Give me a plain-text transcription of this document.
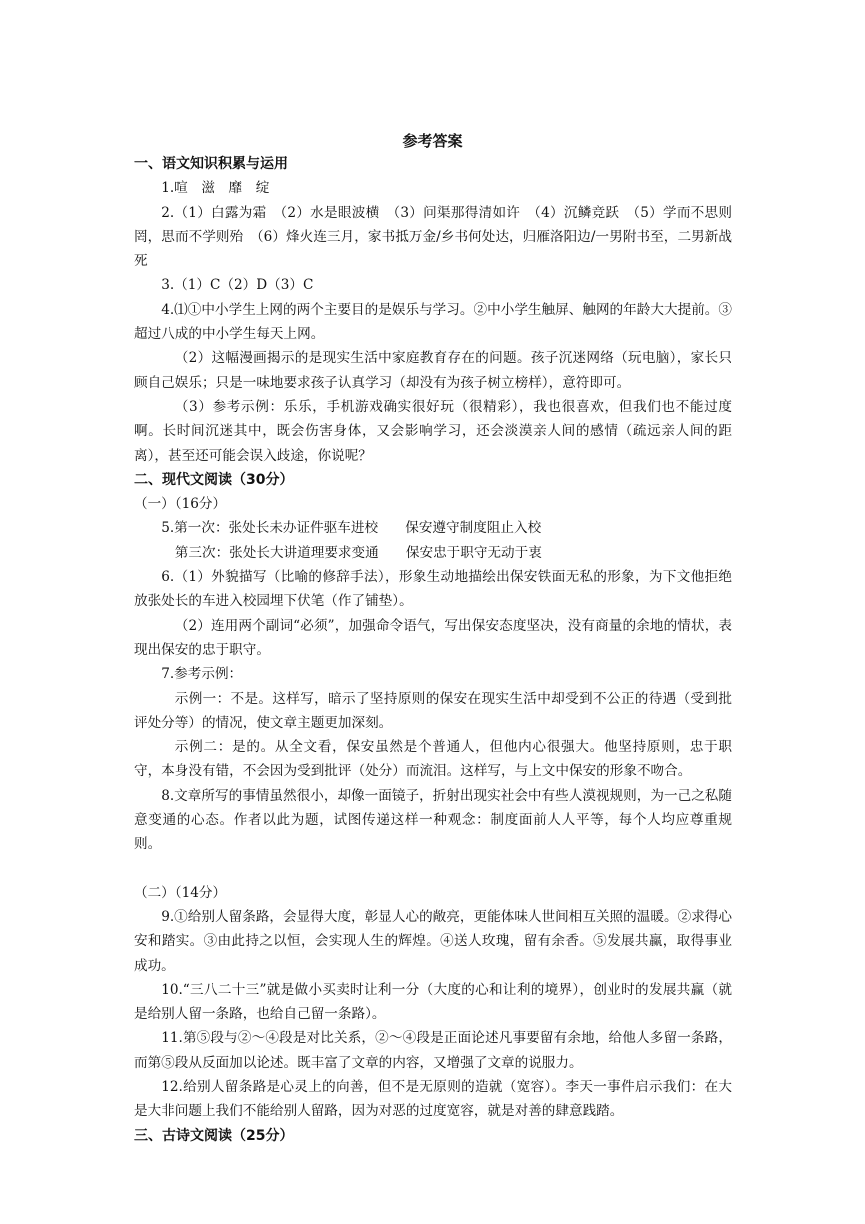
参考答案

一、语文知识积累与运用

1.喧 滋 靡 绽

2.（1）白露为霜　（2）水是眼波横　（3）问渠那得清如许　（4）沉鳞竞跃　（5）学而不思则罔，思而不学则殆　（6）烽火连三月，家书抵万金/乡书何处达，归雁洛阳边/一男附书至，二男新战死

3.（1）C（2）D（3）C

4.⑴①中小学生上网的两个主要目的是娱乐与学习。②中小学生触屏、触网的年龄大大提前。③超过八成的中小学生每天上网。

（2）这幅漫画揭示的是现实生活中家庭教育存在的问题。孩子沉迷网络（玩电脑），家长只顾自己娱乐；只是一味地要求孩子认真学习（却没有为孩子树立榜样），意符即可。

（3）参考示例：乐乐，手机游戏确实很好玩（很精彩），我也很喜欢，但我们也不能过度啊。长时间沉迷其中，既会伤害身体，又会影响学习，还会淡漠亲人间的感情（疏远亲人间的距离），甚至还可能会误入歧途，你说呢？

二、现代文阅读（30分）

（一）（16分）

5.第一次：张处长未办证件驱车进校 保安遵守制度阻止入校

第三次：张处长大讲道理要求变通 保安忠于职守无动于衷

6.（1）外貌描写（比喻的修辞手法），形象生动地描绘出保安铁面无私的形象，为下文他拒绝放张处长的车进入校园埋下伏笔（作了铺垫）。

（2）连用两个副词“必须”，加强命令语气，写出保安态度坚决，没有商量的余地的情状，表现出保安的忠于职守。

7.参考示例：

示例一：不是。这样写，暗示了坚持原则的保安在现实生活中却受到不公正的待遇（受到批评处分等）的情况，使文章主题更加深刻。

示例二：是的。从全文看，保安虽然是个普通人，但他内心很强大。他坚持原则，忠于职守，本身没有错，不会因为受到批评（处分）而流泪。这样写，与上文中保安的形象不吻合。

8.文章所写的事情虽然很小，却像一面镜子，折射出现实社会中有些人漠视规则，为一己之私随意变通的心态。作者以此为题，试图传递这样一种观念：制度面前人人平等，每个人均应尊重规则。

（二）（14分）

9.①给别人留条路，会显得大度，彰显人心的敞亮，更能体味人世间相互关照的温暖。②求得心安和踏实。③由此持之以恒，会实现人生的辉煌。④送人玫瑰，留有余香。⑤发展共赢，取得事业成功。

10.“三八二十三”就是做小买卖时让利一分（大度的心和让利的境界），创业时的发展共赢（就是给别人留一条路，也给自己留一条路）。

11.第⑤段与②～④段是对比关系，②～④段是正面论述凡事要留有余地，给他人多留一条路，而第⑤段从反面加以论述。既丰富了文章的内容，又增强了文章的说服力。

12.给别人留条路是心灵上的向善，但不是无原则的造就（宽容）。李天一事件启示我们：在大是大非问题上我们不能给别人留路，因为对恶的过度宽容，就是对善的肆意践踏。

三、古诗文阅读（25分）
